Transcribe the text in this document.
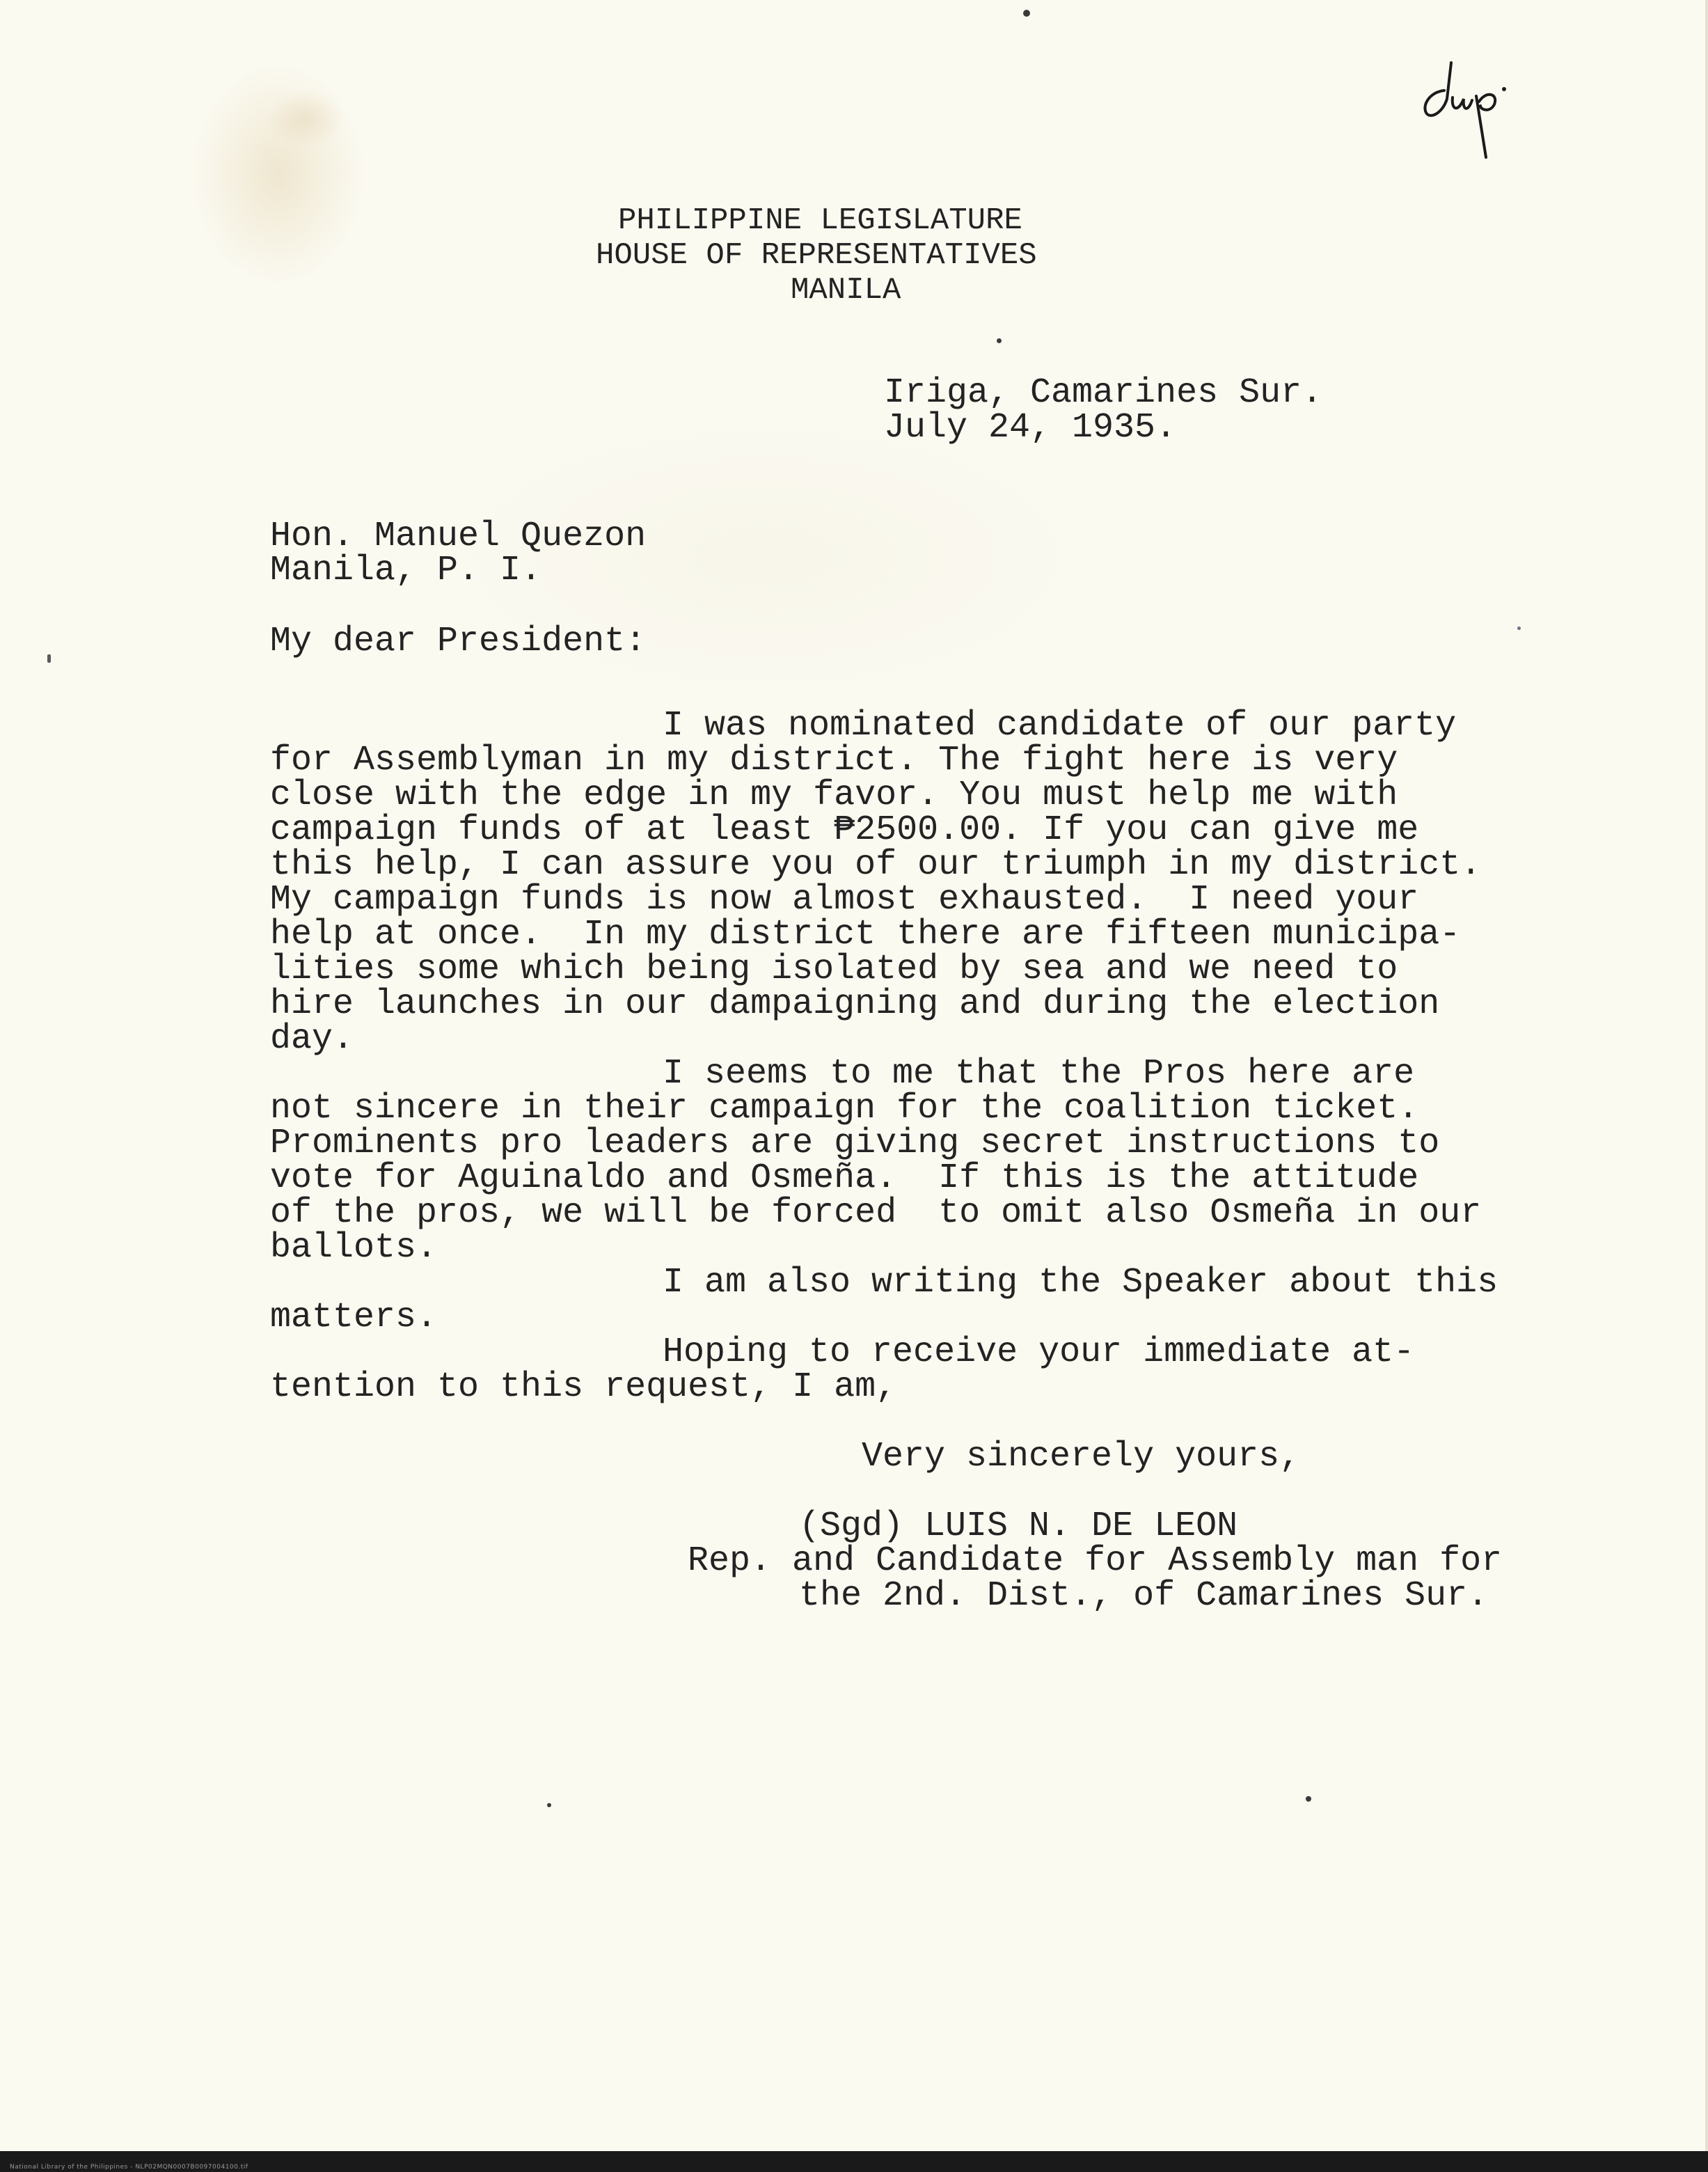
PHILIPPINE LEGISLATURE
HOUSE OF REPRESENTATIVES
MANILA
Iriga, Camarines Sur.
July 24, 1935.
Hon. Manuel Quezon
Manila, P. I.
My dear President:
I was nominated candidate of our party
for Assemblyman in my district. The fight here is very
close with the edge in my favor. You must help me with
campaign funds of at least ₱2500.00. If you can give me
this help, I can assure you of our triumph in my district.
My campaign funds is now almost exhausted.  I need your
help at once.  In my district there are fifteen municipa-
lities some which being isolated by sea and we need to
hire launches in our dampaigning and during the election
day.
I seems to me that the Pros here are
not sincere in their campaign for the coalition ticket.
Prominents pro leaders are giving secret instructions to
vote for Aguinaldo and Osmeña.  If this is the attitude
of the pros, we will be forced  to omit also Osmeña in our
ballots.
I am also writing the Speaker about this
matters.
Hoping to receive your immediate at-
tention to this request, I am,
Very sincerely yours,
(Sgd) LUIS N. DE LEON
Rep. and Candidate for Assembly man for
the 2nd. Dist., of Camarines Sur.
National Library of the Philippines - NLP02MQN0007B0097004100.tif
